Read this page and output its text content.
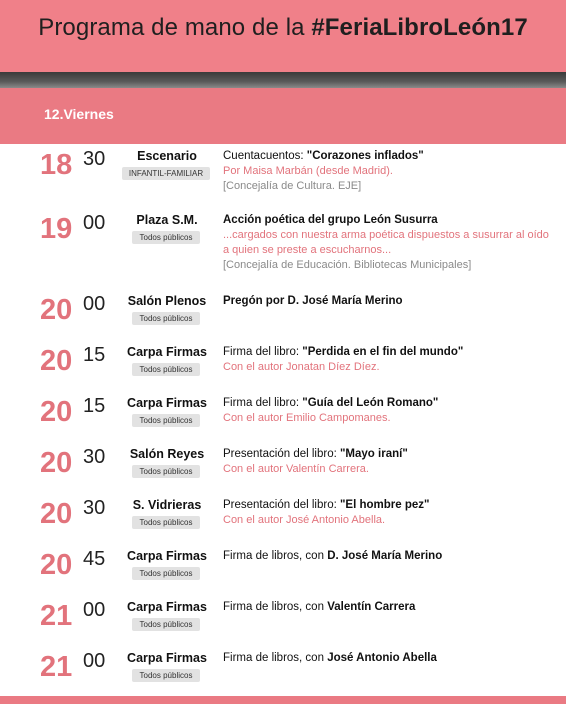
Programa de mano de la #FeriaLibroLeón17
12.Viernes
18 30	Escenario
INFANTIL-FAMILIAR
Cuentacuentos: "Corazones inflados"
Por Maisa Marbán (desde Madrid).
[Concejalía de Cultura. EJE]
19 00	Plaza S.M.
Todos públicos
Acción poética del grupo León Susurra
...cargados con nuestra arma poética dispuestos a susurrar al oído a quien se preste a escucharnos...
[Concejalía de Educación. Bibliotecas Municipales]
20 00	Salón Plenos
Todos públicos
Pregón por D. José María Merino
20 15	Carpa Firmas
Todos públicos
Firma del libro: "Perdida en el fin del mundo"
Con el autor Jonatan Díez Díez.
20 15	Carpa Firmas
Todos públicos
Firma del libro: "Guía del León Romano"
Con el autor Emilio Campomanes.
20 30	Salón Reyes
Todos públicos
Presentación del libro: "Mayo iraní"
Con el autor Valentín Carrera.
20 30	S. Vidrieras
Todos públicos
Presentación del libro: "El hombre pez"
Con el autor José Antonio Abella.
20 45	Carpa Firmas
Todos públicos
Firma de libros, con D. José María Merino
21 00	Carpa Firmas
Todos públicos
Firma de libros, con Valentín Carrera
21 00	Carpa Firmas
Todos públicos
Firma de libros, con José Antonio Abella
